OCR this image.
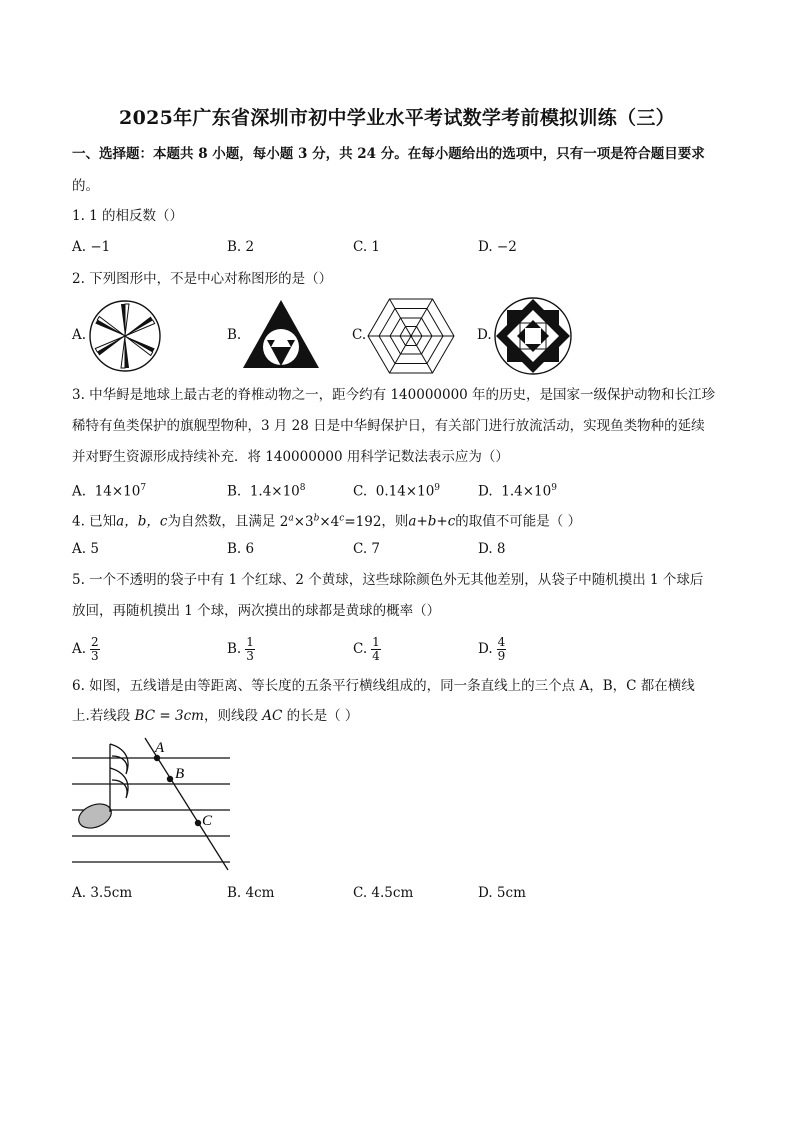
2025年广东省深圳市初中学业水平考试数学考前模拟训练（三）
一、选择题：本题共 8 小题，每小题 3 分，共 24 分。在每小题给出的选项中，只有一项是符合题目要求
的。
1. 1 的相反数（）
A. −1	B. 2	C. 1	D. −2
2. 下列图形中，不是中心对称图形的是（）
A.	B.	C.	D.
3. 中华鲟是地球上最古老的脊椎动物之一，距今约有 140000000 年的历史，是国家一级保护动物和长江珍
稀特有鱼类保护的旗舰型物种，3 月 28 日是中华鲟保护日，有关部门进行放流活动，实现鱼类物种的延续
并对野生资源形成持续补充．将 140000000 用科学记数法表示应为（）
A. $14\times 10^7$	B. $1.4\times 10^8$	C. $0.14\times 10^9$	D. $1.4\times 10^9$
4. 已知a，b，c为自然数，且满足 $2^a\times 3^b\times 4^c=192$，则a+b+c的取值不可能是（ ）
A. 5	B. 6	C. 7	D. 8
5. 一个不透明的袋子中有 1 个红球、2 个黄球，这些球除颜色外无其他差别，从袋子中随机摸出 1 个球后
放回，再随机摸出 1 个球，两次摸出的球都是黄球的概率（）
A. $\frac{2}{3}$	B. $\frac{1}{3}$	C. $\frac{1}{4}$	D. $\frac{4}{9}$
6. 如图，五线谱是由等距离、等长度的五条平行横线组成的，同一条直线上的三个点 A，B，C 都在横线
上.若线段 BC = 3cm，则线段 AC 的长是（ ）
A
B
C
A. 3.5cm	B. 4cm	C. 4.5cm	D. 5cm
